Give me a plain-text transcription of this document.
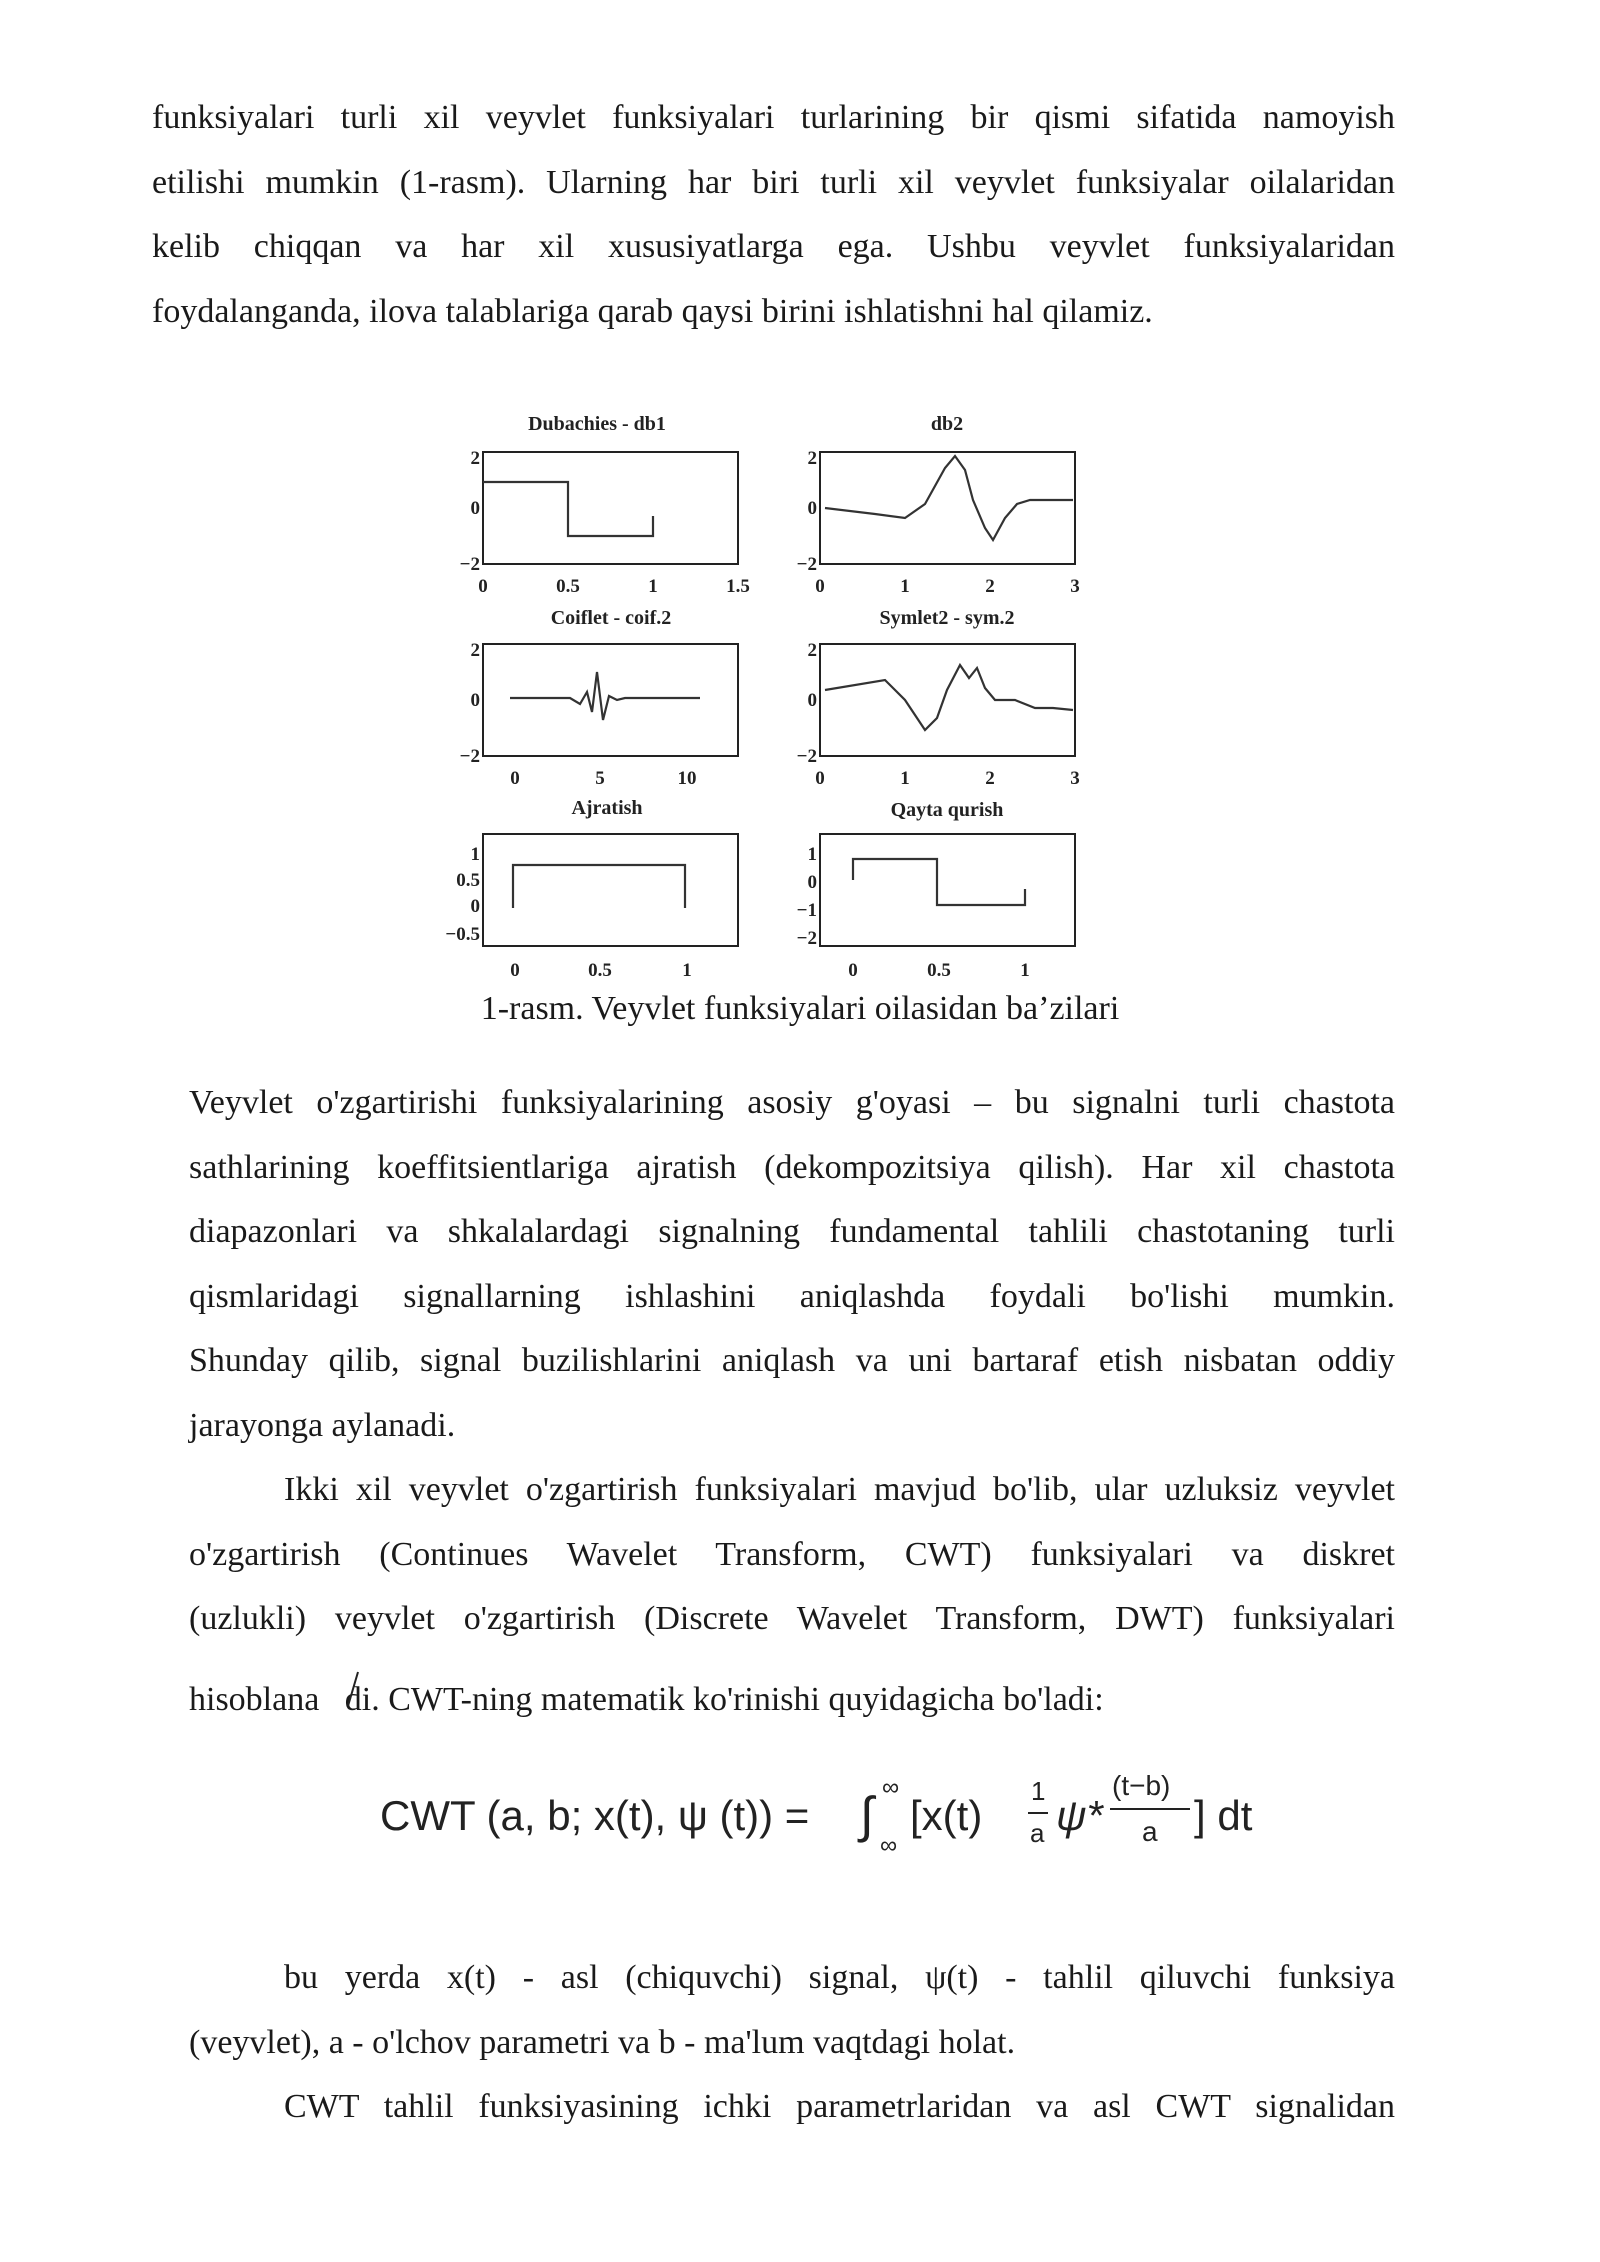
funksiyalari turli xil veyvlet funksiyalari turlarining bir qismi sifatida namoyish
etilishi mumkin (1-rasm). Ularning har biri turli xil veyvlet funksiyalar oilalaridan
kelib chiqqan va har xil xususiyatlarga ega. Ushbu veyvlet funksiyalaridan
foydalanganda, ilova talablariga qarab qaysi birini ishlatishni hal qilamiz.
Dubachies - db1	db2
Coiflet - coif.2	Symlet2 - sym.2
Ajratish	Qayta qurish
0	0.5	1	1.5	0	1	2	3
0	5	10	0	1	2	3
0	0.5	1	0	0.5	1
2
0
−2
2
0
−2
2
0
−2
2
0
−2
1
0.5
0
−0.5
1
0
−1
−2
1-rasm. Veyvlet funksiyalari oilasidan ba’zilari
Veyvlet o'zgartirishi funksiyalarining asosiy g'oyasi – bu signalni turli chastota
sathlarining koeffitsientlariga ajratish (dekompozitsiya qilish). Har xil chastota
diapazonlari va shkalalardagi signalning fundamental tahlili chastotaning turli
qismlaridagi signallarning ishlashini aniqlashda foydali bo'lishi mumkin.
Shunday qilib, signal buzilishlarini aniqlash va uni bartaraf etish nisbatan oddiy
jarayonga aylanadi.
Ikki xil veyvlet o'zgartirish funksiyalari mavjud bo'lib, ular uzluksiz veyvlet
o'zgartirish (Continues Wavelet Transform, CWT) funksiyalari va diskret
(uzlukli) veyvlet o'zgartirish (Discrete Wavelet Transform, DWT) funksiyalari
hisoblana   di. CWT-ning matematik ko'rinishi quyidagicha bo'ladi:
CWT (a, b; x(t), ψ (t)) = ∫ ∞
∞
[x(t)
1
a ψ*
(t−b)
a ] dt
bu yerda x(t) - asl (chiquvchi) signal, ψ(t) - tahlil qiluvchi funksiya
(veyvlet), a - o'lchov parametri va b - ma'lum vaqtdagi holat.
CWT tahlil funksiyasining ichki parametrlaridan va asl CWT signalidan
